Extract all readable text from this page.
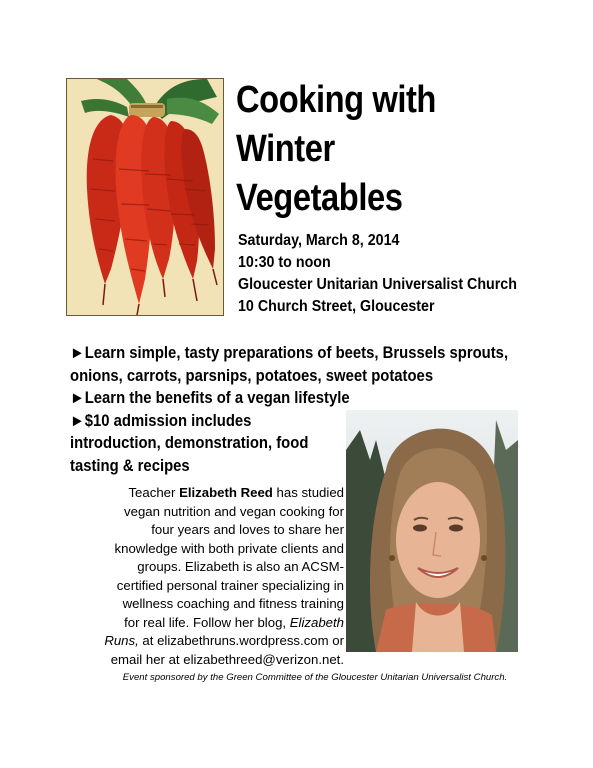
Cooking with
Winter
Vegetables
Saturday, March 8, 2014
10:30 to noon
Gloucester Unitarian Universalist Church
10 Church Street, Gloucester
►Learn simple, tasty preparations of beets, Brussels sprouts,
onions, carrots, parsnips, potatoes, sweet potatoes
►Learn the benefits of a vegan lifestyle
►$10 admission includes
introduction, demonstration, food
tasting & recipes
Teacher Elizabeth Reed has studied
vegan nutrition and vegan cooking for
four years and loves to share her
knowledge with both private clients and
groups. Elizabeth is also an ACSM-
certified personal trainer specializing in
wellness coaching and fitness training
for real life. Follow her blog, Elizabeth
Runs, at elizabethruns.wordpress.com or
email her at elizabethreed@verizon.net.
Event sponsored by the Green Committee of the Gloucester Unitarian Universalist Church.
